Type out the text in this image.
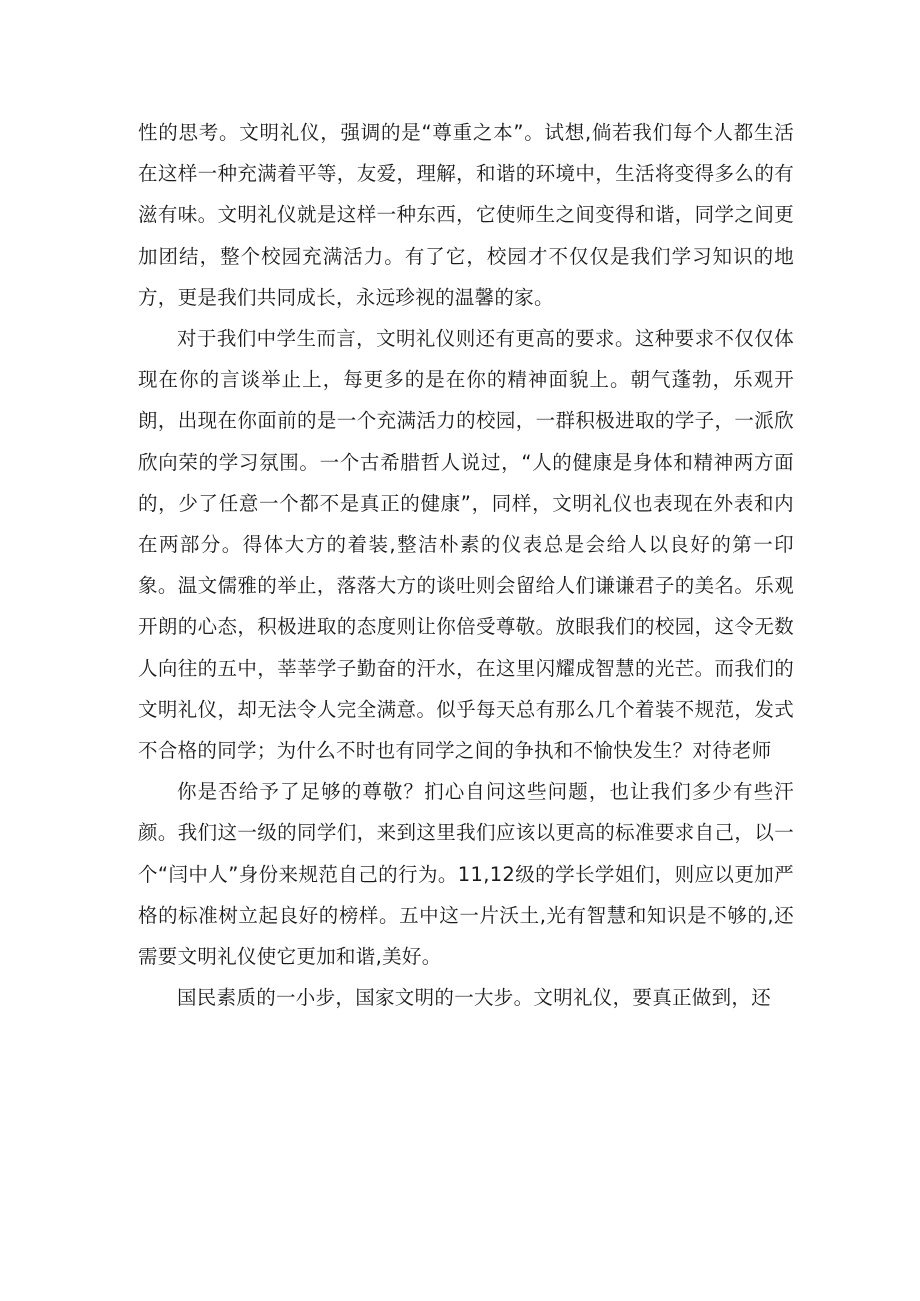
性的思考。文明礼仪，强调的是“尊重之本”。试想,倘若我们每个人都生活在这样一种充满着平等，友爱，理解，和谐的环境中，生活将变得多么的有滋有味。文明礼仪就是这样一种东西，它使师生之间变得和谐，同学之间更加团结，整个校园充满活力。有了它，校园才不仅仅是我们学习知识的地方，更是我们共同成长，永远珍视的温馨的家。

对于我们中学生而言，文明礼仪则还有更高的要求。这种要求不仅仅体现在你的言谈举止上，每更多的是在你的精神面貌上。朝气蓬勃，乐观开朗，出现在你面前的是一个充满活力的校园，一群积极进取的学子，一派欣欣向荣的学习氛围。一个古希腊哲人说过，“人的健康是身体和精神两方面的，少了任意一个都不是真正的健康”，同样，文明礼仪也表现在外表和内在两部分。得体大方的着装,整洁朴素的仪表总是会给人以良好的第一印象。温文儒雅的举止，落落大方的谈吐则会留给人们谦谦君子的美名。乐观开朗的心态，积极进取的态度则让你倍受尊敬。放眼我们的校园，这令无数人向往的五中，莘莘学子勤奋的汗水，在这里闪耀成智慧的光芒。而我们的文明礼仪，却无法令人完全满意。似乎每天总有那么几个着装不规范，发式不合格的同学；为什么不时也有同学之间的争执和不愉快发生？对待老师

你是否给予了足够的尊敬？扪心自问这些问题，也让我们多少有些汗颜。我们这一级的同学们，来到这里我们应该以更高的标准要求自己，以一个“闫中人”身份来规范自己的行为。11,12级的学长学姐们，则应以更加严格的标准树立起良好的榜样。五中这一片沃土,光有智慧和知识是不够的,还需要文明礼仪使它更加和谐,美好。

国民素质的一小步，国家文明的一大步。文明礼仪，要真正做到，还
